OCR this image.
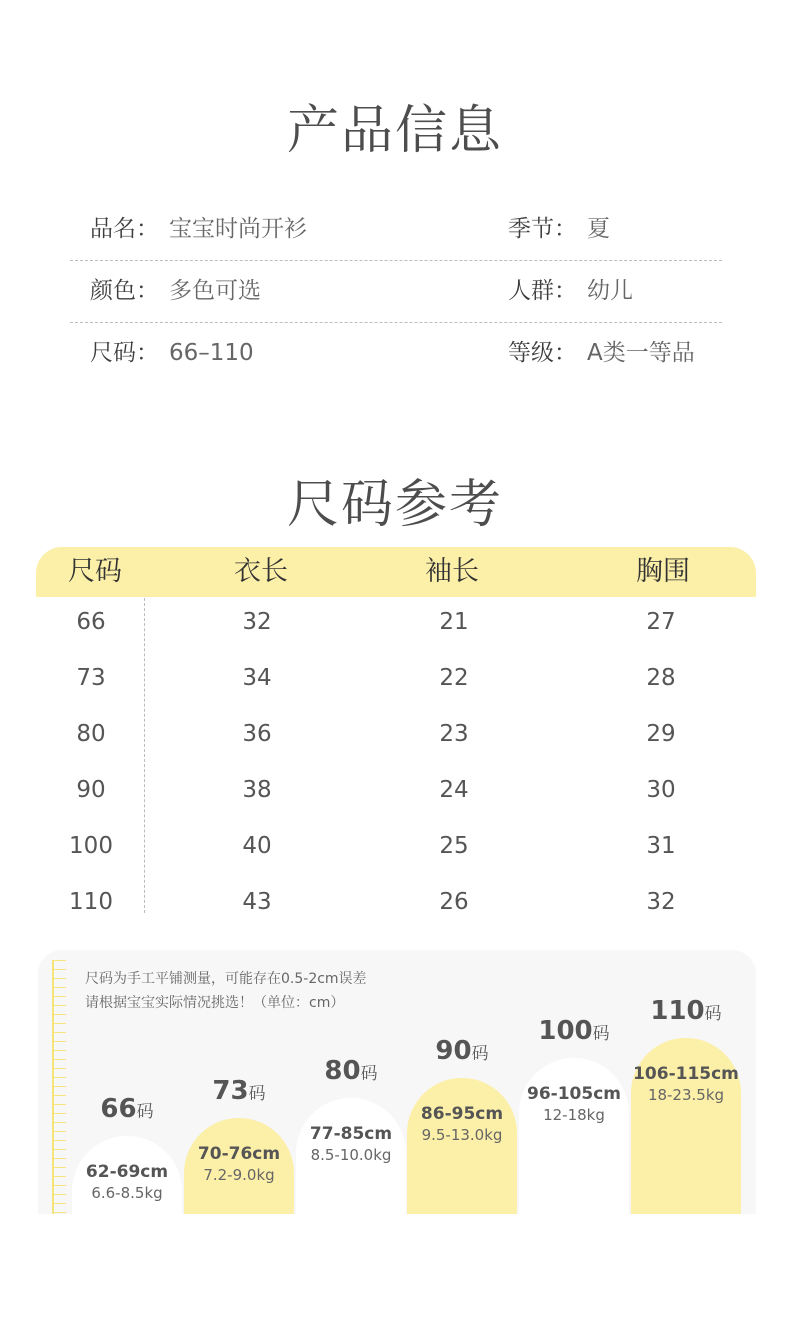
产品信息
品名： 宝宝时尚开衫	季节： 夏
颜色： 多色可选	人群： 幼儿
尺码： 66–110	等级： A类一等品
尺码参考
尺码	衣长	袖长	胸围
66	32	21	27
73	34	22	28
80	36	23	29
90	38	24	30
100	40	25	31
110	43	26	32
尺码为手工平铺测量，可能存在0.5-2cm误差
请根据宝宝实际情况挑选！（单位：cm）
62-69cm
6.6-8.5kg
66码
70-76cm
7.2-9.0kg
73码
77-85cm
8.5-10.0kg
80码
86-95cm
9.5-13.0kg
90码
96-105cm
12-18kg
100码
106-115cm
18-23.5kg
110码
